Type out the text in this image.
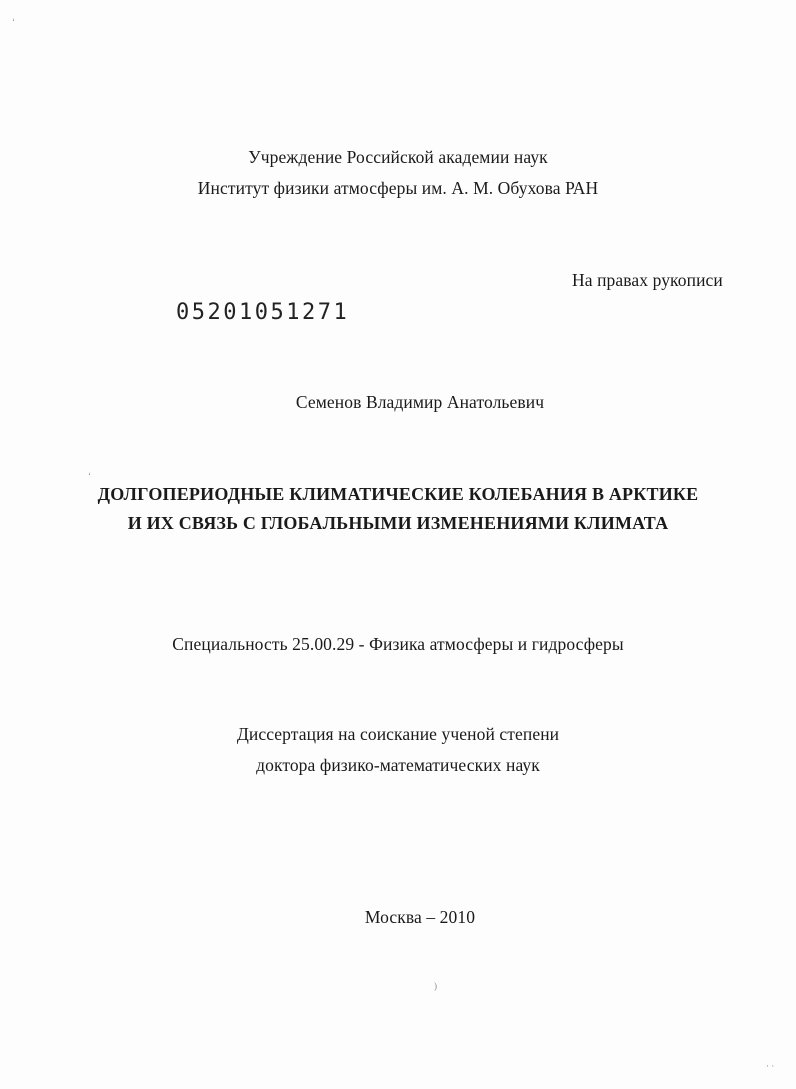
‘
‘
)
· ·
Учреждение Российской академии наук
Институт физики атмосферы им. А. М. Обухова РАН
На правах рукописи
05201051271
Семенов Владимир Анатольевич
ДОЛГОПЕРИОДНЫЕ КЛИМАТИЧЕСКИЕ КОЛЕБАНИЯ В АРКТИКЕ
И ИХ СВЯЗЬ С ГЛОБАЛЬНЫМИ ИЗМЕНЕНИЯМИ КЛИМАТА
Специальность 25.00.29 - Физика атмосферы и гидросферы
Диссертация на соискание ученой степени
доктора физико-математических наук
Москва – 2010
